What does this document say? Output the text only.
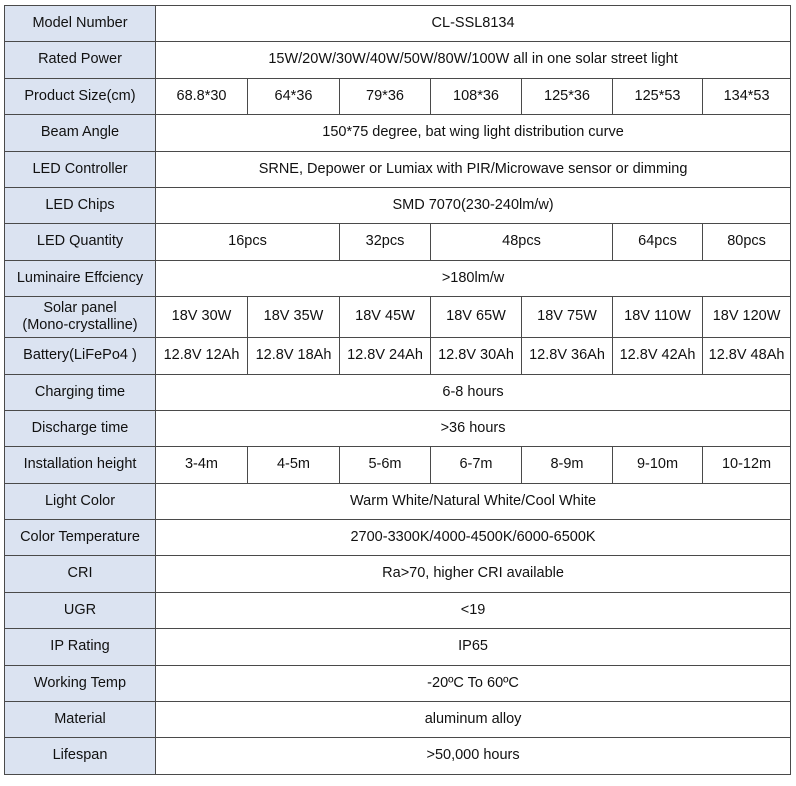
Model Number	CL-SSL8134						
Rated Power	15W/20W/30W/40W/50W/80W/100W all in one solar street light						
Product Size(cm)	68.8*30	64*36	79*36	108*36	125*36	125*53	134*53
Beam Angle	150*75 degree, bat wing light distribution curve						
LED Controller	SRNE, Depower or Lumiax with PIR/Microwave sensor or dimming						
LED Chips	SMD 7070(230-240lm/w)						
LED Quantity	16pcs		32pcs	48pcs		64pcs	80pcs
Luminaire Effciency	>180lm/w						
Solar panel
(Mono-crystalline)	18V 30W	18V 35W	18V 45W	18V 65W	18V 75W	18V 110W	18V 120W
Battery(LiFePo4 )	12.8V 12Ah	12.8V 18Ah	12.8V 24Ah	12.8V 30Ah	12.8V 36Ah	12.8V 42Ah	12.8V 48Ah
Charging time	6-8 hours						
Discharge time	>36 hours						
Installation height	3-4m	4-5m	5-6m	6-7m	8-9m	9-10m	10-12m
Light Color	Warm White/Natural White/Cool White						
Color Temperature	2700-3300K/4000-4500K/6000-6500K						
CRI	Ra>70, higher CRI available						
UGR	<19						
IP Rating	IP65						
Working Temp	-20ºC To 60ºC						
Material	aluminum alloy						
Lifespan	>50,000 hours						
